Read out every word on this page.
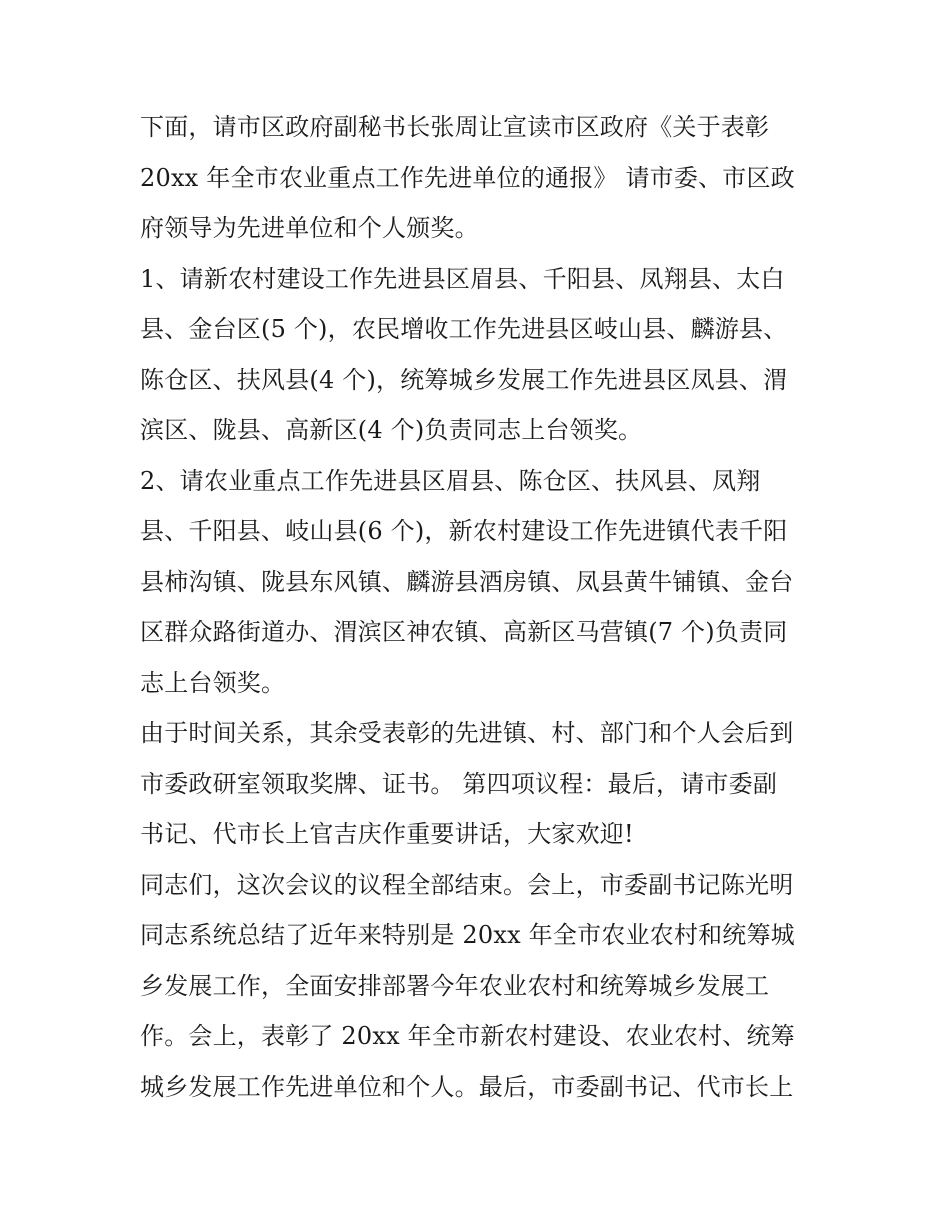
下面，请市区政府副秘书长张周让宣读市区政府《关于表彰
20xx 年全市农业重点工作先进单位的通报》 请市委、市区政
府领导为先进单位和个人颁奖。
1、请新农村建设工作先进县区眉县、千阳县、凤翔县、太白
县、金台区(5 个)，农民增收工作先进县区岐山县、麟游县、
陈仓区、扶风县(4 个)，统筹城乡发展工作先进县区凤县、渭
滨区、陇县、高新区(4 个)负责同志上台领奖。
2、请农业重点工作先进县区眉县、陈仓区、扶风县、凤翔
县、千阳县、岐山县(6 个)，新农村建设工作先进镇代表千阳
县柿沟镇、陇县东风镇、麟游县酒房镇、凤县黄牛铺镇、金台
区群众路街道办、渭滨区神农镇、高新区马营镇(7 个)负责同
志上台领奖。
由于时间关系，其余受表彰的先进镇、村、部门和个人会后到
市委政研室领取奖牌、证书。 第四项议程：最后，请市委副
书记、代市长上官吉庆作重要讲话，大家欢迎!
同志们，这次会议的议程全部结束。会上，市委副书记陈光明
同志系统总结了近年来特别是 20xx 年全市农业农村和统筹城
乡发展工作，全面安排部署今年农业农村和统筹城乡发展工
作。会上，表彰了 20xx 年全市新农村建设、农业农村、统筹
城乡发展工作先进单位和个人。最后，市委副书记、代市长上
